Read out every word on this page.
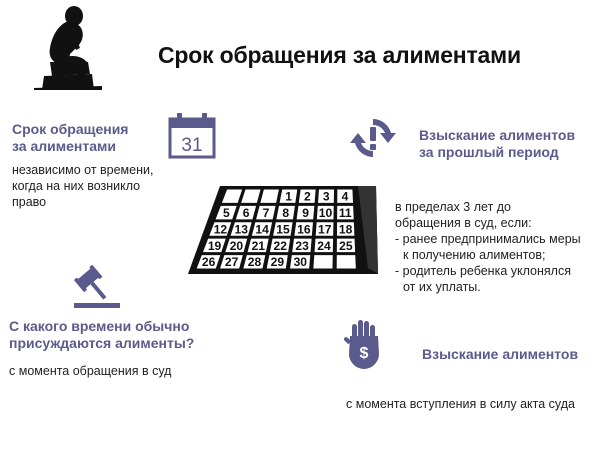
Срок обращения за алиментами
Срок обращения
за алиментами
независимо от времени,
когда на них возникло
право
31	Взыскание алиментов
за прошлый период
1 2 3 4
5 6 7 8 9 10 11
12 13 14 15 16 17 18
19 20 21 22 23 24 25
26 27 28 29 30
в пределах 3 лет до
обращения в суд, если:
- ранее предпринимались меры
к получению алиментов;
- родитель ребенка уклонялся
от их уплаты.
С какого времени обычно
присуждаются алименты?
с момента обращения в суд
$	Взыскание алиментов
с момента вступления в силу акта суда
